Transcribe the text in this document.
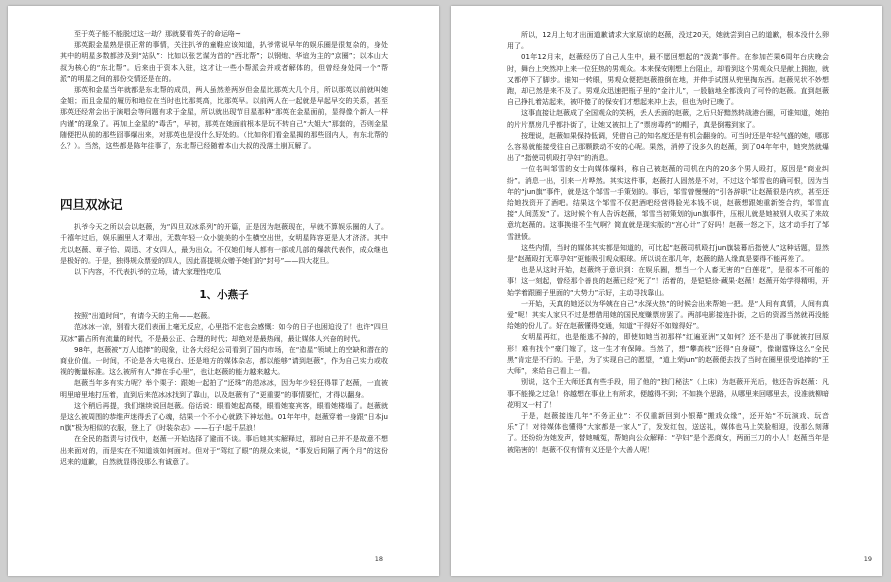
至于英子能不能脱过这一劫？那就要看英子的命运咯~

那英跟金星熟是很正常的事情，关注扒爷的童鞋应该知道，扒爷常说早年的娱乐圈是很复杂的，身处其中的明星多数都涉及到“站队”：比如以张艺谋为首的“西北帮”；以钢炮、华谊为主的“京圈”；以本山大叔为核心的“东北帮”。后来由于资本入驻，这才让一些小帮派会并或者解体的，但曾经身处同一个“帮派”的明星之间的那份交情还是在的。

那英和金星当年就都是东北帮的成员，两人虽然差两岁但金星比那英大几个月，所以那英以前就叫她金姐；而且金星的履历和地位在当时也比那英高，比那英早。以前两人在一起就是早起早交的关系，甚至那英还经常会出于演唱会等问题有求于金星，所以就出现节目星那种“那英在金星面前，显得像个新人一样内谨”的现象了。再加上金星的“毒舌”，早初，那英在她面前根本是玩不转自己“大姐大”那套的，否则金星随便把从前的那些囧事爆出来，对那英也是没什么好处的。（比如你们看金星揭的那些囧内人，有东北帮的么？）。当然，这些都是陈年往事了，东北帮已经随着本山大叔的没落土崩瓦解了。

四旦双冰记

扒爷今天之所以会以赵薇，为“四旦双冰系列”的开篇，正是因为赵薇现在，早就不算娱乐圈的人了。千禧年过后，娱乐圈里人才辈出，无数年轻一众小貌美的小生横空出世，女明星阵容更是人才济济。其中尤以赵薇、章子怡、周迅、才女四人，最为出众。不仅她们每人都有一部或几部的爆款代表作，成众继也是极好的。于是，独得规众票爱的四人，因此喜提规众赠予她们的“封号”——四大花旦。

以下内容，不代表扒爷的立场，请大家理性吃瓜

1、小燕子

按照“出道时间”，有请今天的主角——赵薇。

范冰冰一凉，别看大花们表面上毫无反应，心里指不定也会感慨：如今的日子也困迫没了！也许“四旦双冰”霸占所有流量的时代，不是最公正、合理的时代；却绝对是最热闹，最让媒体人兴奋的时代。

98年，赵薇被“万人追捧”的现象，让各大经纪公司看到了国内市场，在“造星”领域上的空缺和潜在的商业价值。一时间，不论是各大电视台、还是地方的媒体杂志，都以能够“请到赵薇”，作为自己实力或收视的衡量标准。这么被所有人“捧在手心里”，也让赵薇的能力越来越大。

赵薇当年多有实力呢？举个栗子：跟她一起拍了“还珠”的范冰冰，因为年少轻狂得罪了赵薇，一直被明里暗里地打压着，直到后来范冰冰找到了靠山，以及赵薇有了“更重要”的事情要忙，才得以翻身。

这个稍后再提，我们继续说回赵薇。俗话说：眼看她起高楼，眼看她宴宾客，眼看她楼塌了。赵薇就是这么被周围的恭维声迷得丢了心魂，结果一个不小心就跌下神坛他。01年年中，赵薇穿着一身跟“日本jun旗”极为相似的衣服，登上了《时装杂志》——石子!起千层浪！

在全民的指责与讨伐中，赵薇一开始选择了避而不谈。事后她其实解释过，那时自己并不是故意不想出来面对的，而是实在不知道该如何面对。但对于“驾红了眼”的规众来说，“事发后间隔了两个月”的这份迟来的道歉，自然就显得没那么有诚意了。

18

所以，12月上旬才出面道歉请求大家原谅的赵薇，没过20天，她就尝到自己的道歉，根本没什么卵用了。

01年12月末，赵薇经历了自己人生中，最不愿回想起的“泼粪”事件。在参加芒果6周年台庆晚会时，舞台上突然冲上来一位狂热的男观众。本来保安刚想上台阻止，却看到这个男观众只是献上拥抱，就又都停下了脚步。谁知一转眼，男观众便把赵薇推倒在地，并伸手试图从兜里掏东西。赵薇见状不妙想跑，却已然是来不及了。男观众迅速把瓶子里的“金汁儿”，一股脑地全都泼向了可怜的赵薇。直到赵薇自己挣扎着站起来，被吓傻了的保安们才想起来冲上去，但也为时已晚了。

这事直接让赵薇成了全国观众的笑柄，丢人丢面的赵薇，之后只好黯然转战港台圈，可谁知道，她拍的片片票房几乎都扑街了，让她又被扣上了“票房毒药”的帽子，真是倒霉到家了。

按理说，赵薇如果保持低调，凭借自己的知名度还是有机会翻身的。可当时还是年轻气盛的她，哪那么容易就能接受往自己那颗跌动不安的心呢。果然，消停了没多久的赵薇，到了04年年中，她突然就爆出了“指使司机殴打孕妇”的消息。

一位名叫邹雪的女士向媒体爆料，称自己被赵薇的司机在内的20多个男人殴打，原因是“商业纠纷”。消息一出，引来一片哗然。其实这件事，赵薇打人固然是不对，不过这个邹雪也的确可恨，因为当年的“jun旗”事件，就是这个邹雪一手策划的。事后，邹雪曾慢慢的“引各辞职”让赵薇很是内疚，甚至还给她找资开了酒吧。结果这个邹雪不仅把酒吧经营得脸光本钱不说，赵薇想跟她重新签合约，邹雪直接“人间蒸发”了。这时候个有人告诉赵薇，邹雪当初策划的jun旗事件，压根儿就是她被别人收买了来故意坑赵薇的。这事换谁不生气啊？简直就是现实版的“宫心计”了好吗！赵薇一怒之下，这才动手打了邹雪泄愤。

这些内情，当时的媒体其实都是知道的，可比起“赵薇司机殴打jun旗装幕后指使人”这种话题，显然是“赵薇殴打无辜孕妇”更能吸引观众眼球。所以说在那几年，赵薇的路人缘真是要得不能再差了。

也是从这时开始，赵薇终于意识到：在娱乐圈，想当一个人畜无害的“白莲花”，是很本不可能的事！这一刻起，曾经那个善良的赵薇已经“死了”！活着的，是铠铠徐·藏果·赵薇！赵薇开始学得精明，开始学着跟圈子里面的“大势力”示好，主动寻找靠山。

一开始，天真的她还以为华姨在自己“水深火热”的时候会出来帮她一把。是“人间有真情，人间有真爱”呢！其实人家只不过是想借用她的国民度赚票房罢了。两部电影接连扑街，之后的资源当然就再没能给她的份儿了。好在赵薇懂得变通，知道“干得好不如嫁得好”。

女明星再红，也是能逃不掉的，即使如她当初那样“红遍亚洲”又如何？还不是出了事就被打回原形！难有找个“豪门嫁了，这一生才有保障。当然了，想“攀高枝”还得“自身硬”，像谢霆锋这么“全民黑”肯定是不行的。于是，为了实现自己的愿望，“道上荣jun”的赵薇便去找了当时在圈里很受追捧的“王大师”，来给自己看上一看。

别说，这个王大师还真有些手段，用了他的“独门秘法”（上床）为赵薇开光后，他还告诉赵薇：凡事不能操之过急！你越想在事业上有所求，便越得不到；不如换个思路，从哪里来回哪里去，没准就柳暗花明又一村了！

于是，赵薇接连几年“不务正业”：不仅重新回到小银幕“搬戏众缘”，还开始“不玩演戏、玩音乐”了！对待媒体也懂得“大家都是一家人”了，发发红包，送送礼，媒体也马上笑脸相迎，没那么刻薄了。还纷纷为她发声，替她喊冤，帮她向公众解释：“孕妇”是个恶商女，两面三刀的小人！赵薇当年是被陷害的！赵薇不仅有情有义还是个大善人呢！

19
